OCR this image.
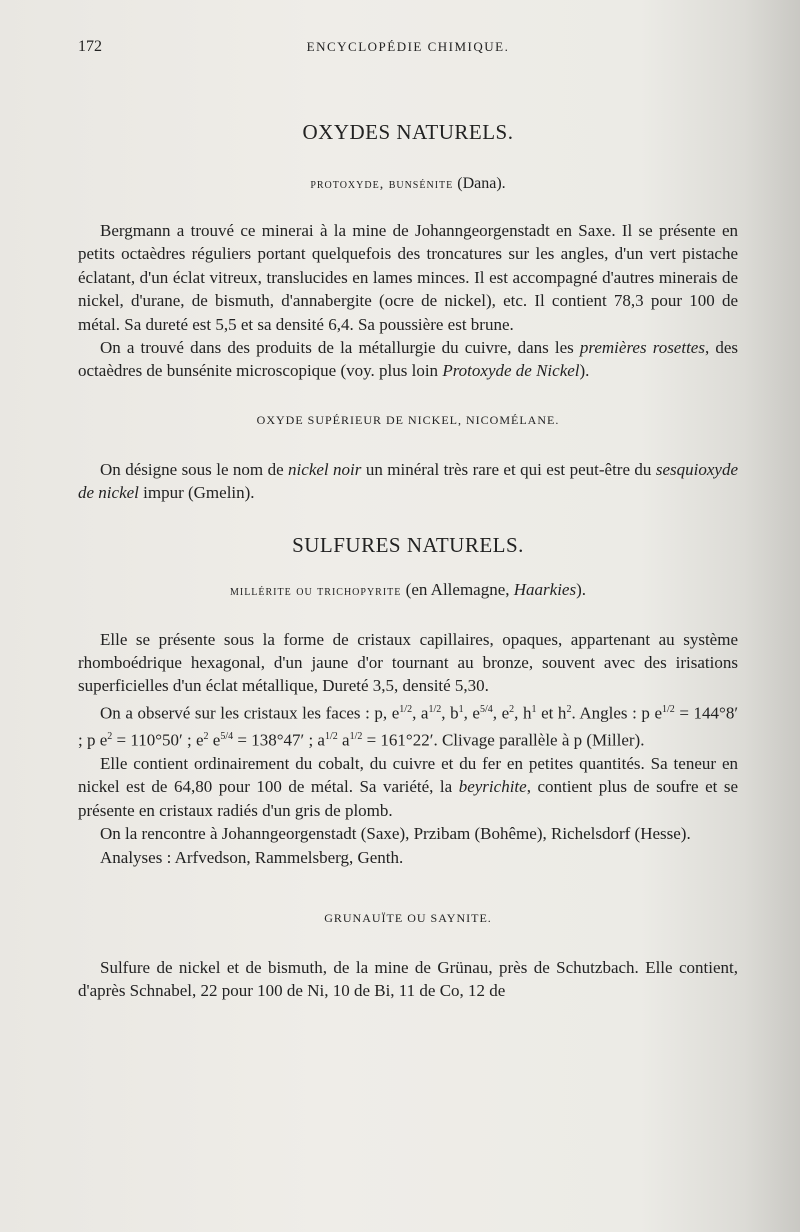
172	ENCYCLOPÉDIE CHIMIQUE.
OXYDES NATURELS.
protoxyde, bunsénite (Dana).

Bergmann a trouvé ce minerai à la mine de Johanngeorgenstadt en Saxe. Il se présente en petits octaèdres réguliers portant quelquefois des troncatures sur les angles, d'un vert pistache éclatant, d'un éclat vitreux, translucides en lames minces. Il est accompagné d'autres minerais de nickel, d'urane, de bismuth, d'annabergite (ocre de nickel), etc. Il contient 78,3 pour 100 de métal. Sa dureté est 5,5 et sa densité 6,4. Sa poussière est brune.

On a trouvé dans des produits de la métallurgie du cuivre, dans les premières rosettes, des octaèdres de bunsénite microscopique (voy. plus loin Protoxyde de Nickel).

OXYDE SUPÉRIEUR DE NICKEL, NICOMÉLANE.

On désigne sous le nom de nickel noir un minéral très rare et qui est peut-être du sesquioxyde de nickel impur (Gmelin).

SULFURES NATURELS.
millérite ou trichopyrite (en Allemagne, Haarkies).

Elle se présente sous la forme de cristaux capillaires, opaques, appartenant au système rhomboédrique hexagonal, d'un jaune d'or tournant au bronze, souvent avec des irisations superficielles d'un éclat métallique, Dureté 3,5, densité 5,30.

On a observé sur les cristaux les faces : p, $e^{1/2}$, $a^{1/2}$, $b^1$, $e^{5/4}$, $e^2$, $h^1$ et $h^2$. Angles : p $e^{1/2} = 144^\circ 8'$ ; p $e^2 = 110^\circ 50'$ ; $e^2$ $e^{5/4} = 138^\circ 47'$ ; $a^{1/2}$ $a^{1/2} = 161^\circ 22'$. Clivage parallèle à p (Miller).

Elle contient ordinairement du cobalt, du cuivre et du fer en petites quantités. Sa teneur en nickel est de 64,80 pour 100 de métal. Sa variété, la beyrichite, contient plus de soufre et se présente en cristaux radiés d'un gris de plomb.

On la rencontre à Johanngeorgenstadt (Saxe), Przibam (Bohême), Richelsdorf (Hesse).

Analyses : Arfvedson, Rammelsberg, Genth.

GRUNAUÏTE OU SAYNITE.

Sulfure de nickel et de bismuth, de la mine de Grünau, près de Schutzbach. Elle contient, d'après Schnabel, 22 pour 100 de Ni, 10 de Bi, 11 de Co, 12 de
